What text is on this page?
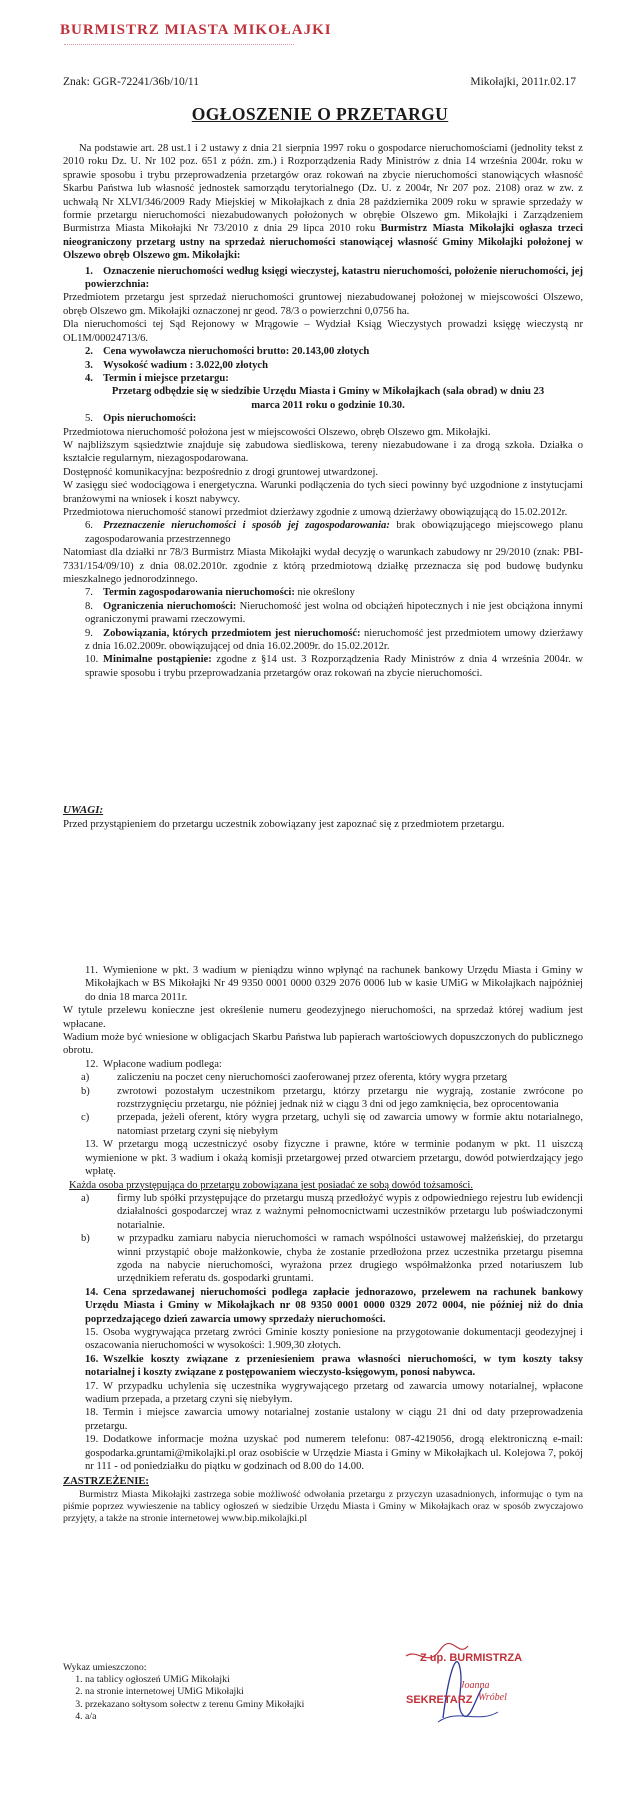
BURMISTRZ MIASTA MIKOŁAJKI
Znak: GGR-72241/36b/10/11	Mikołajki, 2011r.02.17
OGŁOSZENIE O PRZETARGU

Na podstawie art. 28 ust.1 i 2 ustawy z dnia 21 sierpnia 1997 roku o gospodarce nieruchomościami (jednolity tekst z 2010 roku Dz. U. Nr 102 poz. 651 z późn. zm.) i Rozporządzenia Rady Ministrów z dnia 14 września 2004r. roku w sprawie sposobu i trybu przeprowadzenia przetargów oraz rokowań na zbycie nieruchomości stanowiących własność Skarbu Państwa lub własność jednostek samorządu terytorialnego (Dz. U. z 2004r, Nr 207 poz. 2108) oraz w zw. z uchwałą Nr XLVI/346/2009 Rady Miejskiej w Mikołajkach z dnia 28 października 2009 roku w sprawie sprzedaży w formie przetargu nieruchomości niezabudowanych położonych w obrębie Olszewo gm. Mikołajki i Zarządzeniem Burmistrza Miasta Mikołajki Nr 73/2010 z dnia 29 lipca 2010 roku Burmistrz Miasta Mikołajki ogłasza trzeci nieograniczony przetarg ustny na sprzedaż nieruchomości stanowiącej własność Gminy Mikołajki położonej w Olszewo obręb Olszewo gm. Mikołajki:

1. Oznaczenie nieruchomości według księgi wieczystej, katastru nieruchomości, położenie nieruchomości, jej powierzchnia:

Przedmiotem przetargu jest sprzedaż nieruchomości gruntowej niezabudowanej położonej w miejscowości Olszewo, obręb Olszewo gm. Mikołajki oznaczonej nr geod. 78/3 o powierzchni 0,0756 ha.

Dla nieruchomości tej Sąd Rejonowy w Mrągowie – Wydział Ksiąg Wieczystych prowadzi księgę wieczystą nr OL1M/00024713/6.

2. Cena wywoławcza nieruchomości brutto: 20.143,00 złotych

3. Wysokość wadium : 3.022,00 złotych

4. Termin i miejsce przetargu:

Przetarg odbędzie się w siedzibie Urzędu Miasta i Gminy w Mikołajkach (sala obrad) w dniu 23 marca 2011 roku o godzinie 10.30.

5. Opis nieruchomości:

Przedmiotowa nieruchomość położona jest w miejscowości Olszewo, obręb Olszewo gm. Mikołajki.

W najbliższym sąsiedztwie znajduje się zabudowa siedliskowa, tereny niezabudowane i za drogą szkoła. Działka o kształcie regularnym, niezagospodarowana.

Dostępność komunikacyjna: bezpośrednio z drogi gruntowej utwardzonej.

W zasięgu sieć wodociągowa i energetyczna. Warunki podłączenia do tych sieci powinny być uzgodnione z instytucjami branżowymi na wniosek i koszt nabywcy.

Przedmiotowa nieruchomość stanowi przedmiot dzierżawy zgodnie z umową dzierżawy obowiązującą do 15.02.2012r.

6. Przeznaczenie nieruchomości i sposób jej zagospodarowania: brak obowiązującego miejscowego planu zagospodarowania przestrzennego

Natomiast dla działki nr 78/3 Burmistrz Miasta Mikołajki wydał decyzję o warunkach zabudowy nr 29/2010 (znak: PBI-7331/154/09/10) z dnia 08.02.2010r. zgodnie z którą przedmiotową działkę przeznacza się pod budowę budynku mieszkalnego jednorodzinnego.

7. Termin zagospodarowania nieruchomości: nie określony

8. Ograniczenia nieruchomości: Nieruchomość jest wolna od obciążeń hipotecznych i nie jest obciążona innymi ograniczonymi prawami rzeczowymi.

9. Zobowiązania, których przedmiotem jest nieruchomość: nieruchomość jest przedmiotem umowy dzierżawy z dnia 16.02.2009r. obowiązującej od dnia 16.02.2009r. do 15.02.2012r.

10. Minimalne postąpienie: zgodne z §14 ust. 3 Rozporządzenia Rady Ministrów z dnia 4 września 2004r. w sprawie sposobu i trybu przeprowadzania przetargów oraz rokowań na zbycie nieruchomości.

UWAGI:
Przed przystąpieniem do przetargu uczestnik zobowiązany jest zapoznać się z przedmiotem przetargu.

11. Wymienione w pkt. 3 wadium w pieniądzu winno wpłynąć na rachunek bankowy Urzędu Miasta i Gminy w Mikołajkach w BS Mikołajki Nr 49 9350 0001 0000 0329 2076 0006 lub w kasie UMiG w Mikołajkach najpóźniej do dnia 18 marca 2011r.

W tytule przelewu konieczne jest określenie numeru geodezyjnego nieruchomości, na sprzedaż której wadium jest wpłacane.

Wadium może być wniesione w obligacjach Skarbu Państwa lub papierach wartościowych dopuszczonych do publicznego obrotu.

12. Wpłacone wadium podlega:

a)	zaliczeniu na poczet ceny nieruchomości zaoferowanej przez oferenta, który wygra przetarg
b)	zwrotowi pozostałym uczestnikom przetargu, którzy przetargu nie wygrają, zostanie zwrócone po rozstrzygnięciu przetargu, nie później jednak niż w ciągu 3 dni od jego zamknięcia, bez oprocentowania
c)	przepada, jeżeli oferent, który wygra przetarg, uchyli się od zawarcia umowy w formie aktu notarialnego, natomiast przetarg czyni się niebyłym

13. W przetargu mogą uczestniczyć osoby fizyczne i prawne, które w terminie podanym w pkt. 11 uiszczą wymienione w pkt. 3 wadium i okażą komisji przetargowej przed otwarciem przetargu, dowód potwierdzający jego wpłatę.

Każda osoba przystępująca do przetargu zobowiązana jest posiadać ze sobą dowód tożsamości.

a)	firmy lub spółki przystępujące do przetargu muszą przedłożyć wypis z odpowiedniego rejestru lub ewidencji działalności gospodarczej wraz z ważnymi pełnomocnictwami uczestników przetargu lub poświadczonymi notarialnie.
b)	w przypadku zamiaru nabycia nieruchomości w ramach wspólności ustawowej małżeńskiej, do przetargu winni przystąpić oboje małżonkowie, chyba że zostanie przedłożona przez uczestnika przetargu pisemna zgoda na nabycie nieruchomości, wyrażona przez drugiego współmałżonka przed notariuszem lub urzędnikiem referatu ds. gospodarki gruntami.

14. Cena sprzedawanej nieruchomości podlega zapłacie jednorazowo, przelewem na rachunek bankowy Urzędu Miasta i Gminy w Mikołajkach nr 08 9350 0001 0000 0329 2072 0004, nie później niż do dnia poprzedzającego dzień zawarcia umowy sprzedaży nieruchomości.

15. Osoba wygrywająca przetarg zwróci Gminie koszty poniesione na przygotowanie dokumentacji geodezyjnej i oszacowania nieruchomości w wysokości: 1.909,30 złotych.

16. Wszelkie koszty związane z przeniesieniem prawa własności nieruchomości, w tym koszty taksy notarialnej i koszty związane z postępowaniem wieczysto-księgowym, ponosi nabywca.

17. W przypadku uchylenia się uczestnika wygrywającego przetarg od zawarcia umowy notarialnej, wpłacone wadium przepada, a przetarg czyni się niebyłym.

18. Termin i miejsce zawarcia umowy notarialnej zostanie ustalony w ciągu 21 dni od daty przeprowadzenia przetargu.

19. Dodatkowe informacje można uzyskać pod numerem telefonu: 087-4219056, drogą elektroniczną e-mail: gospodarka.gruntami@mikolajki.pl oraz osobiście w Urzędzie Miasta i Gminy w Mikołajkach ul. Kolejowa 7, pokój nr 111 - od poniedziałku do piątku w godzinach od 8.00 do 14.00.

ZASTRZEŻENIE:

Burmistrz Miasta Mikołajki zastrzega sobie możliwość odwołania przetargu z przyczyn uzasadnionych, informując o tym na piśmie poprzez wywieszenie na tablicy ogłoszeń w siedzibie Urzędu Miasta i Gminy w Mikołajkach oraz w sposób zwyczajowo przyjęty, a także na stronie internetowej www.bip.mikolajki.pl

Wykaz umieszczono:
1. na tablicy ogłoszeń UMiG Mikołajki
2. na stronie internetowej UMiG Mikołajki
3. przekazano sołtysom sołectw z terenu Gminy Mikołajki
4. a/a
Z up. BURMISTRZA
Joanna
Wróbel
SEKRETARZ
